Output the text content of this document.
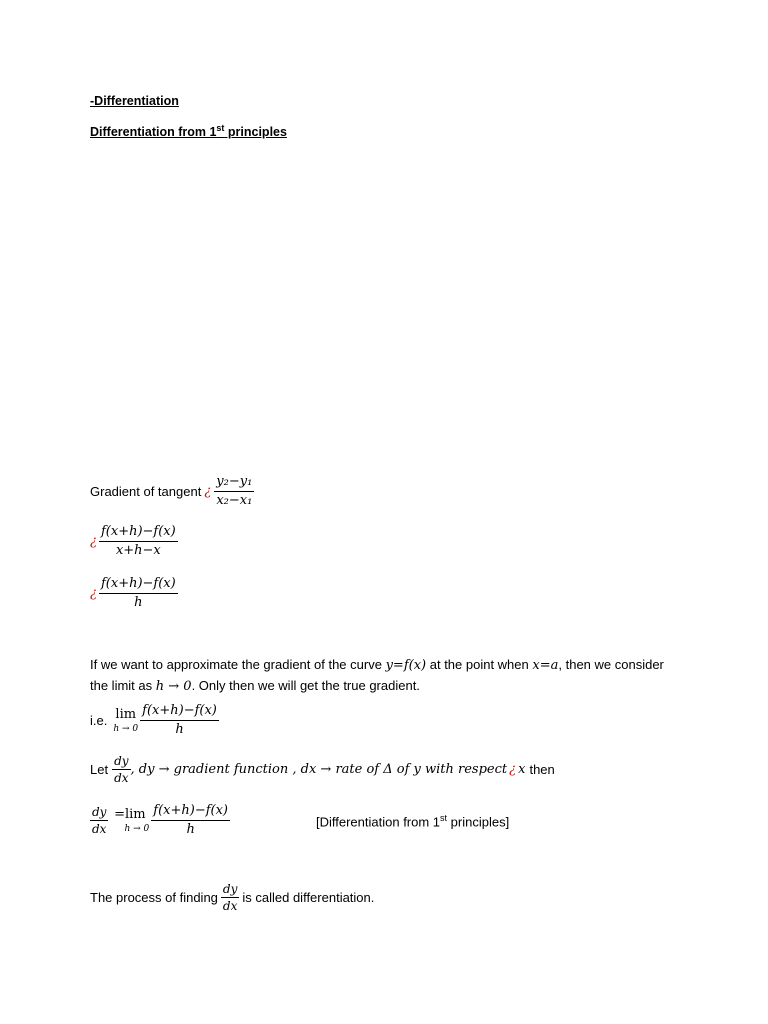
-Differentiation
Differentiation from 1st principles
Gradient of tangent ¿ $\frac{\text{y₂−y₁}}{\text{x₂−x₁}}$
¿ $\frac{f(x+h)-f(x)}{x+h-x}$
¿ $\frac{f(x+h)-f(x)}{h}$
If we want to approximate the gradient of the curve y=f(x) at the point when x=a, then we consider
the limit as h → 0. Only then we will get the true gradient.
i.e. lim
$h \to 0 \frac{f(x+h)-f(x)}{h}$
Let $\frac{dy}{dx}$ , dy → gradient function , dx → rate of Δ of y with respect ¿ x then
$\frac{dy}{dx} =\lim$
$h \to 0 \frac{f(x+h)-f(x)}{h}$	[Differentiation from 1st principles]
The process of finding $\frac{dy}{dx}$ is called differentiation.
